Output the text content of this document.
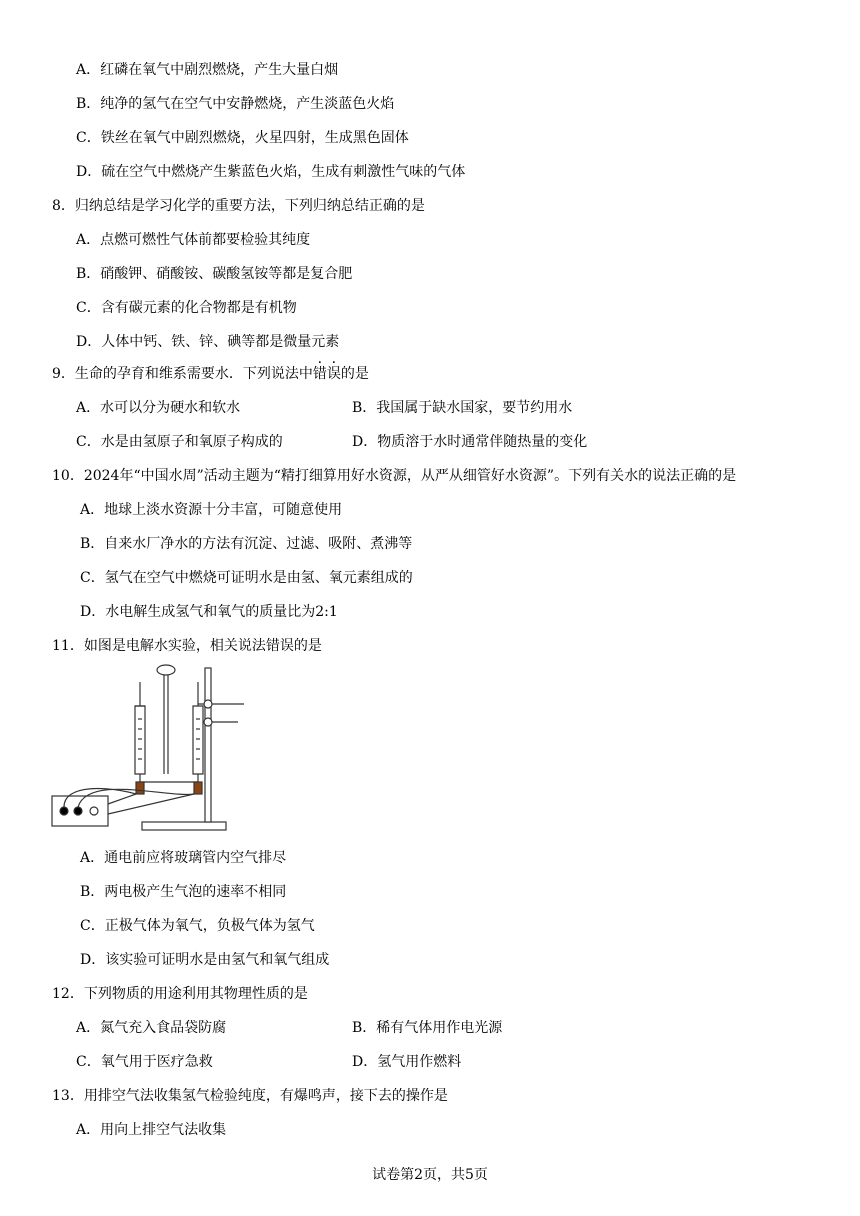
A．红磷在氧气中剧烈燃烧，产生大量白烟
B．纯净的氢气在空气中安静燃烧，产生淡蓝色火焰
C．铁丝在氧气中剧烈燃烧，火星四射，生成黑色固体
D．硫在空气中燃烧产生紫蓝色火焰，生成有刺激性气味的气体
8．归纳总结是学习化学的重要方法，下列归纳总结正确的是
A．点燃可燃性气体前都要检验其纯度
B．硝酸钾、硝酸铵、碳酸氢铵等都是复合肥
C．含有碳元素的化合物都是有机物
D．人体中钙、铁、锌、碘等都是微量元素
9．生命的孕育和维系需要水．下列说法中错误的是
A．水可以分为硬水和软水	B．我国属于缺水国家，要节约用水
C．水是由氢原子和氧原子构成的	D．物质溶于水时通常伴随热量的变化
10．2024年“中国水周”活动主题为“精打细算用好水资源，从严从细管好水资源”。下列有关水的说法正确的是
A．地球上淡水资源十分丰富，可随意使用
B．自来水厂净水的方法有沉淀、过滤、吸附、煮沸等
C．氢气在空气中燃烧可证明水是由氢、氧元素组成的
D．水电解生成氢气和氧气的质量比为2:1
11．如图是电解水实验，相关说法错误的是
A．通电前应将玻璃管内空气排尽
B．两电极产生气泡的速率不相同
C．正极气体为氧气，负极气体为氢气
D．该实验可证明水是由氢气和氧气组成
12．下列物质的用途利用其物理性质的是
A．氮气充入食品袋防腐	B．稀有气体用作电光源
C．氧气用于医疗急救	D．氢气用作燃料
13．用排空气法收集氢气检验纯度，有爆鸣声，接下去的操作是
A．用向上排空气法收集
试卷第2页，共5页
